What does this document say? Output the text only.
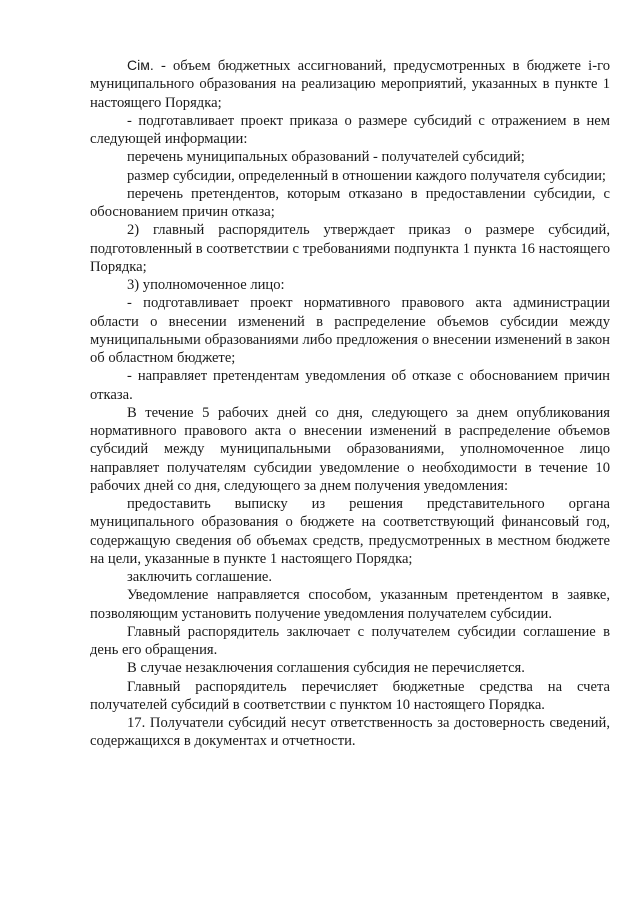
Сім. - объем бюджетных ассигнований, предусмотренных в бюджете i-го муниципального образования на реализацию мероприятий, указанных в пункте 1 настоящего Порядка;

- подготавливает проект приказа о размере субсидий с отражением в нем следующей информации:

перечень муниципальных образований - получателей субсидий;

размер субсидии, определенный в отношении каждого получателя субсидии;

перечень претендентов, которым отказано в предоставлении субсидии, с обоснованием причин отказа;

2) главный распорядитель утверждает приказ о размере субсидий, подготовленный в соответствии с требованиями подпункта 1 пункта 16 настоящего Порядка;

3) уполномоченное лицо:

- подготавливает проект нормативного правового акта администрации области о внесении изменений в распределение объемов субсидии между муниципальными образованиями либо предложения о внесении изменений в закон об областном бюджете;

- направляет претендентам уведомления об отказе с обоснованием причин отказа.

В течение 5 рабочих дней со дня, следующего за днем опубликования нормативного правового акта о внесении изменений в распределение объемов субсидий между муниципальными образованиями, уполномоченное лицо направляет получателям субсидии уведомление о необходимости в течение 10 рабочих дней со дня, следующего за днем получения уведомления:

предоставить выписку из решения представительного органа муниципального образования о бюджете на соответствующий финансовый год, содержащую сведения об объемах средств, предусмотренных в местном бюджете на цели, указанные в пункте 1 настоящего Порядка;

заключить соглашение.

Уведомление направляется способом, указанным претендентом в заявке, позволяющим установить получение уведомления получателем субсидии.

Главный распорядитель заключает с получателем субсидии соглашение в день его обращения.

В случае незаключения соглашения субсидия не перечисляется.

Главный распорядитель перечисляет бюджетные средства на счета получателей субсидий в соответствии с пунктом 10 настоящего Порядка.

17. Получатели субсидий несут ответственность за достоверность сведений, содержащихся в документах и отчетности.
